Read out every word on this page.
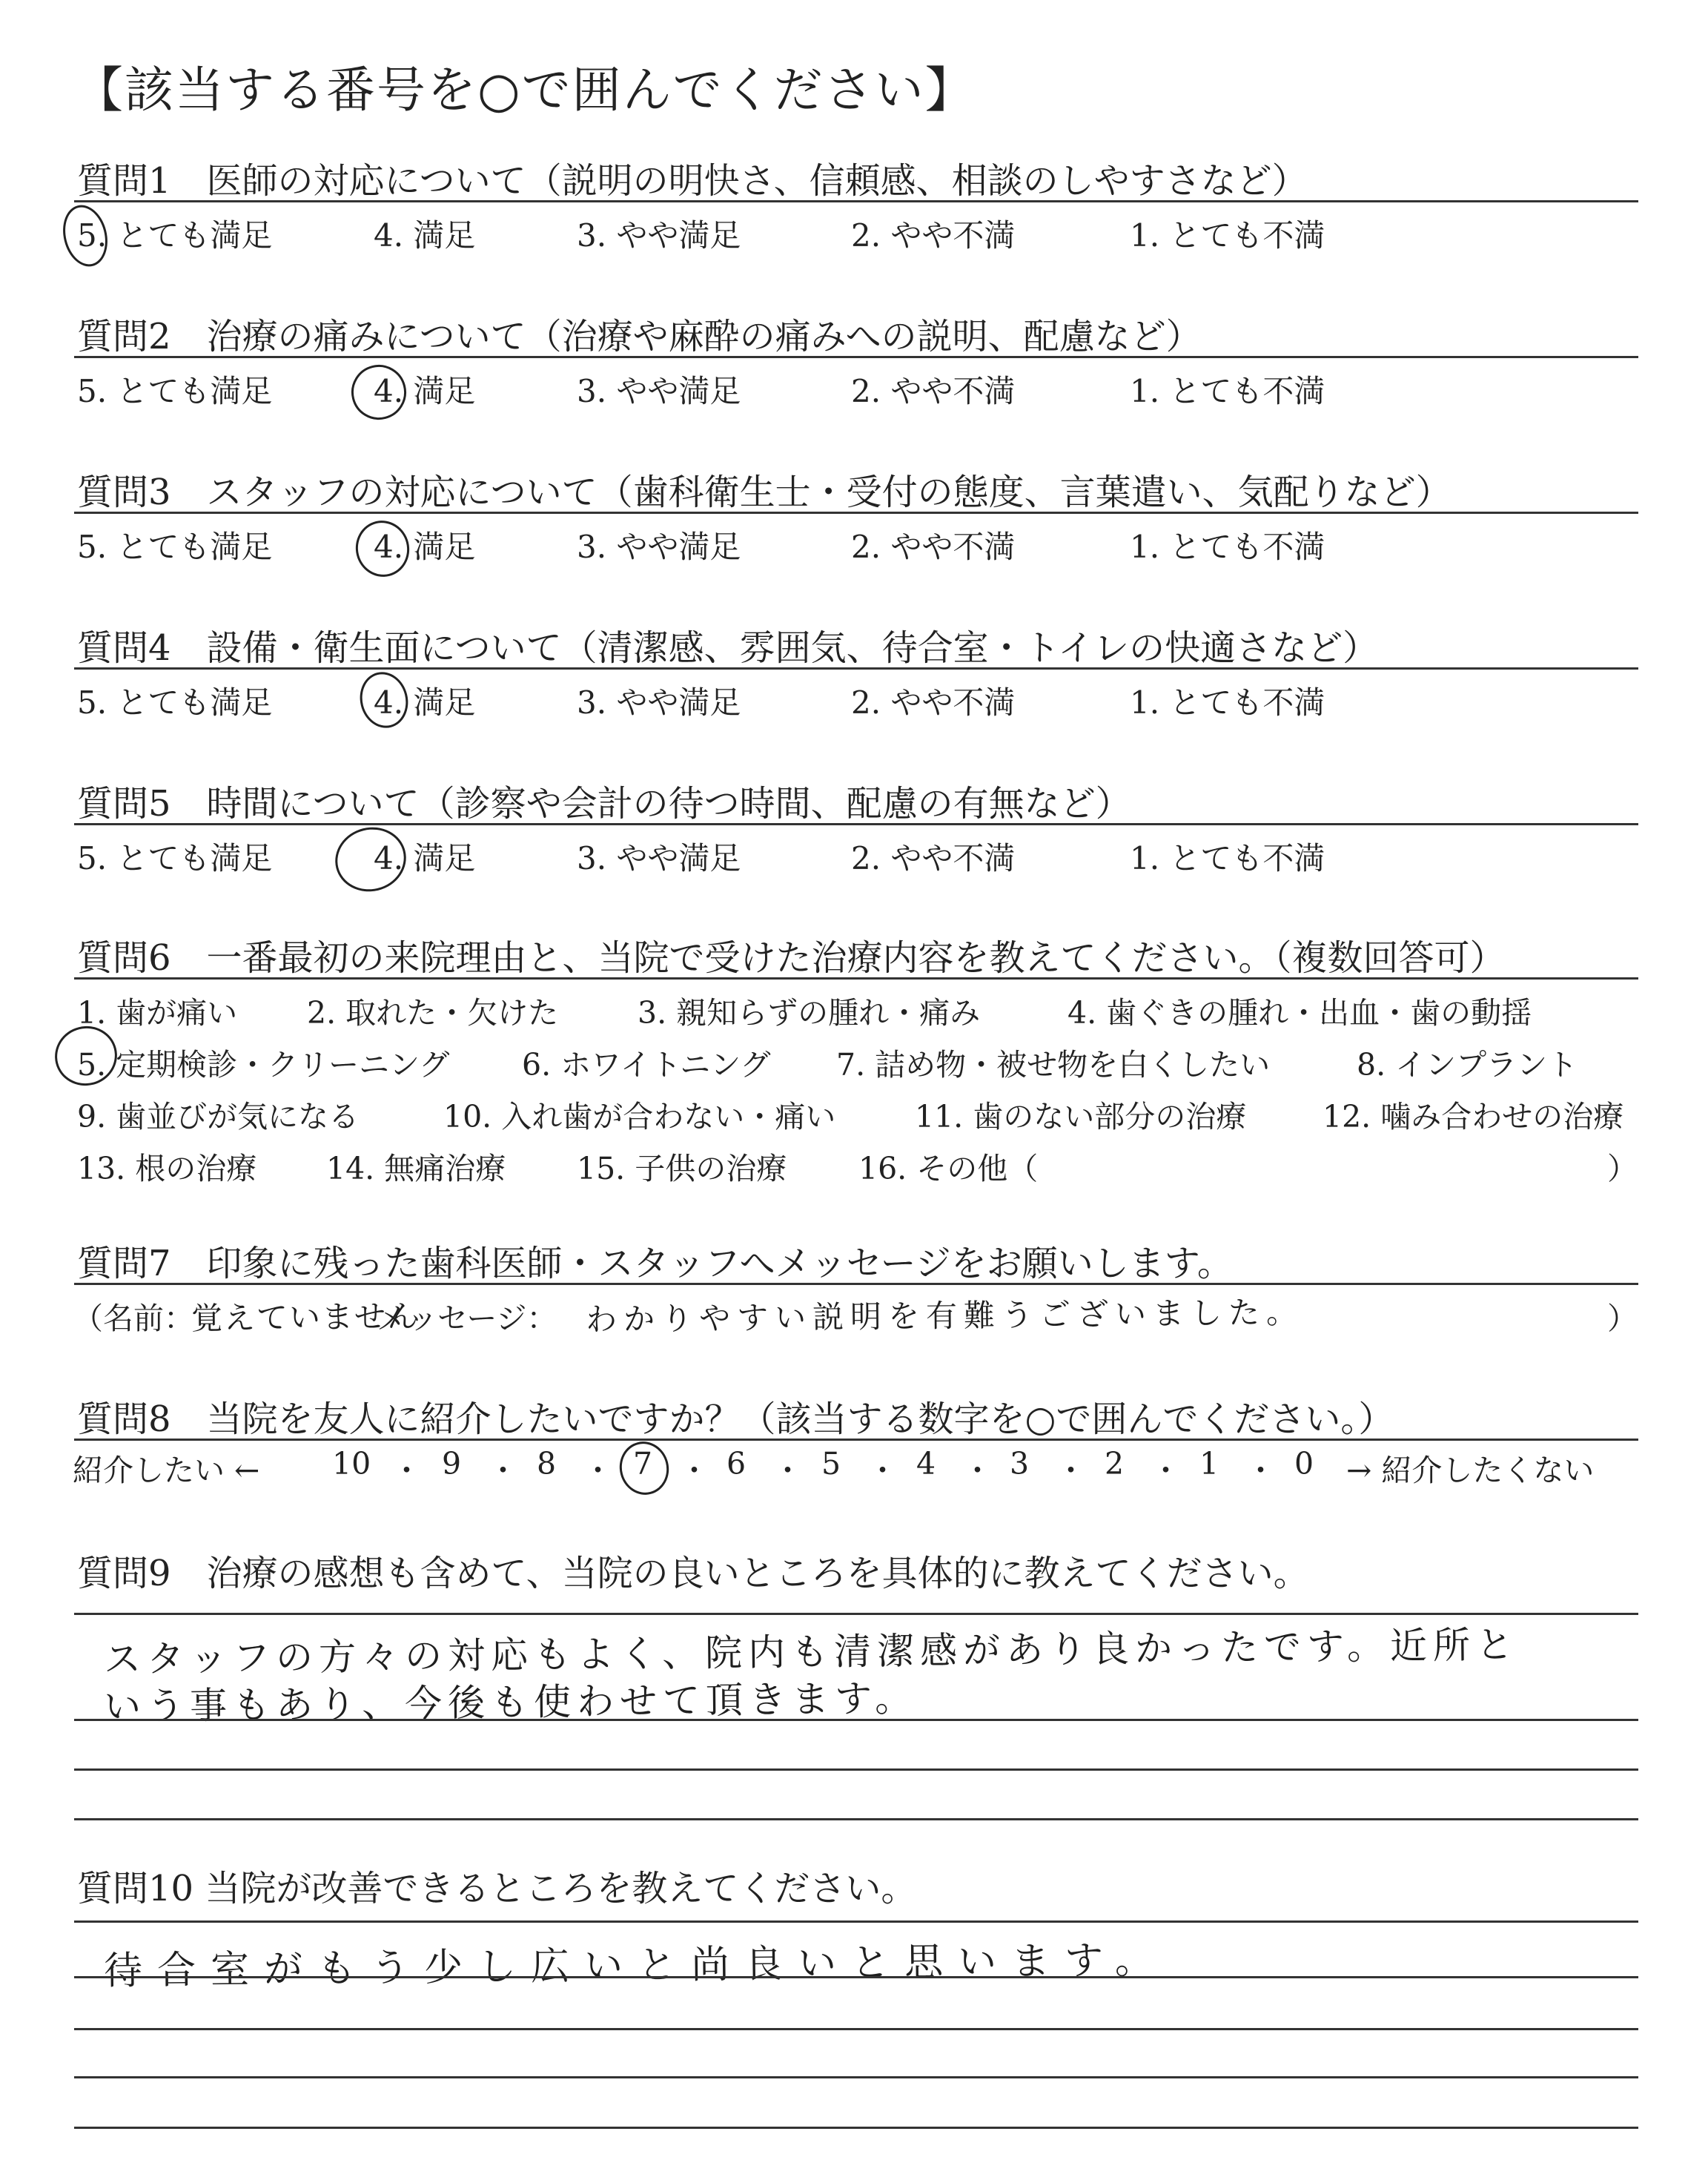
【該当する番号を○で囲んでください】
質問1　医師の対応について（説明の明快さ、信頼感、相談のしやすさなど）
5. とても満足	4. 満足	3. やや満足	2. やや不満	1. とても不満
質問2　治療の痛みについて（治療や麻酔の痛みへの説明、配慮など）
5. とても満足	4. 満足	3. やや満足	2. やや不満	1. とても不満
質問3　スタッフの対応について（歯科衛生士・受付の態度、言葉遣い、気配りなど）
5. とても満足	4. 満足	3. やや満足	2. やや不満	1. とても不満
質問4　設備・衛生面について（清潔感、雰囲気、待合室・トイレの快適さなど）
5. とても満足	4. 満足	3. やや満足	2. やや不満	1. とても不満
質問5　時間について（診察や会計の待つ時間、配慮の有無など）
5. とても満足	4. 満足	3. やや満足	2. やや不満	1. とても不満
質問6　一番最初の来院理由と、当院で受けた治療内容を教えてください。（複数回答可）
1. 歯が痛い 2. 取れた・欠けた	3. 親知らずの腫れ・痛み	4. 歯ぐきの腫れ・出血・歯の動揺
5. 定期検診・クリーニング 6. ホワイトニング 7. 詰め物・被せ物を白くしたい	8. インプラント
9. 歯並びが気になる	10. 入れ歯が合わない・痛い	11. 歯のない部分の治療	12. 噛み合わせの治療
13. 根の治療 14. 無痛治療 15. 子供の治療 16. その他（	）
質問7　印象に残った歯科医師・スタッフへメッセージをお願いします。
（名前：
覚えていません
メッセージ： わかりやすい説明を有難うございました。	）
質問8　当院を友人に紹介したいですか？（該当する数字を○で囲んでください。）
紹介したい ← 10 ・ 9 ・ 8 ・ 7 ・ 6 ・ 5 ・ 4 ・ 3 ・ 2 ・ 1 ・ 0 → 紹介したくない
質問9　治療の感想も含めて、当院の良いところを具体的に教えてください。
スタッフの方々の対応もよく、院内も清潔感があり良かったです。近所と
いう事もあり、今後も使わせて頂きます。
質問10 当院が改善できるところを教えてください。
待合室がもう少し広いと尚良いと思います。
